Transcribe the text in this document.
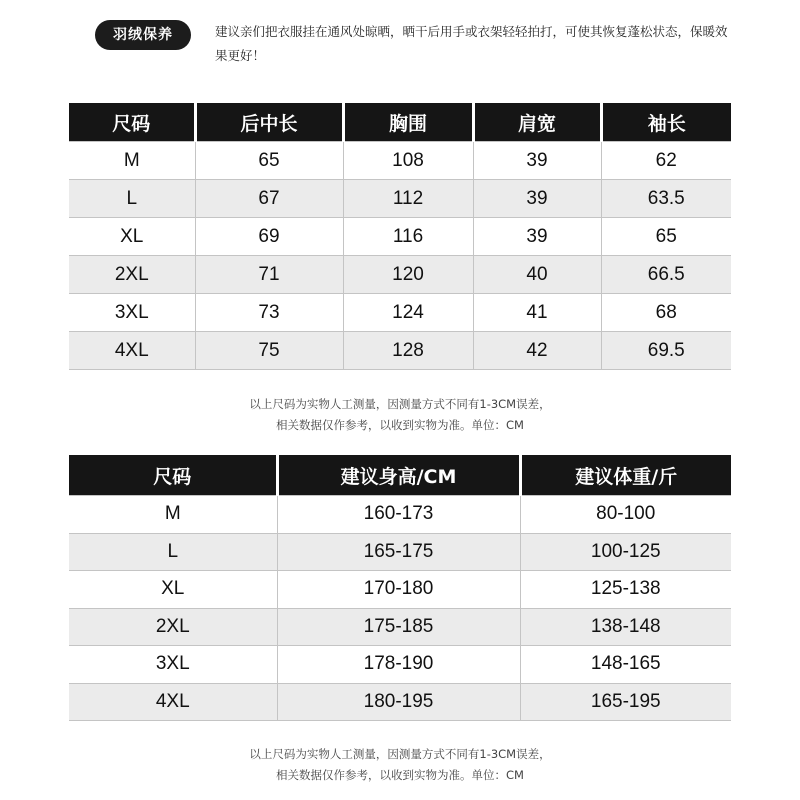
羽绒保养	建议亲们把衣服挂在通风处晾晒，晒干后用手或衣架轻轻拍打，可使其恢复蓬松状态，保暖效果更好！
尺码	后中长	胸围	肩宽	袖长
M	65	108	39	62
L	67	112	39	63.5
XL	69	116	39	65
2XL	71	120	40	66.5
3XL	73	124	41	68
4XL	75	128	42	69.5
以上尺码为实物人工测量，因测量方式不同有1-3CM误差，
相关数据仅作参考，以收到实物为准。单位：CM
尺码	建议身高/CM	建议体重/斤
M	160-173	80-100
L	165-175	100-125
XL	170-180	125-138
2XL	175-185	138-148
3XL	178-190	148-165
4XL	180-195	165-195
以上尺码为实物人工测量，因测量方式不同有1-3CM误差，
相关数据仅作参考，以收到实物为准。单位：CM
